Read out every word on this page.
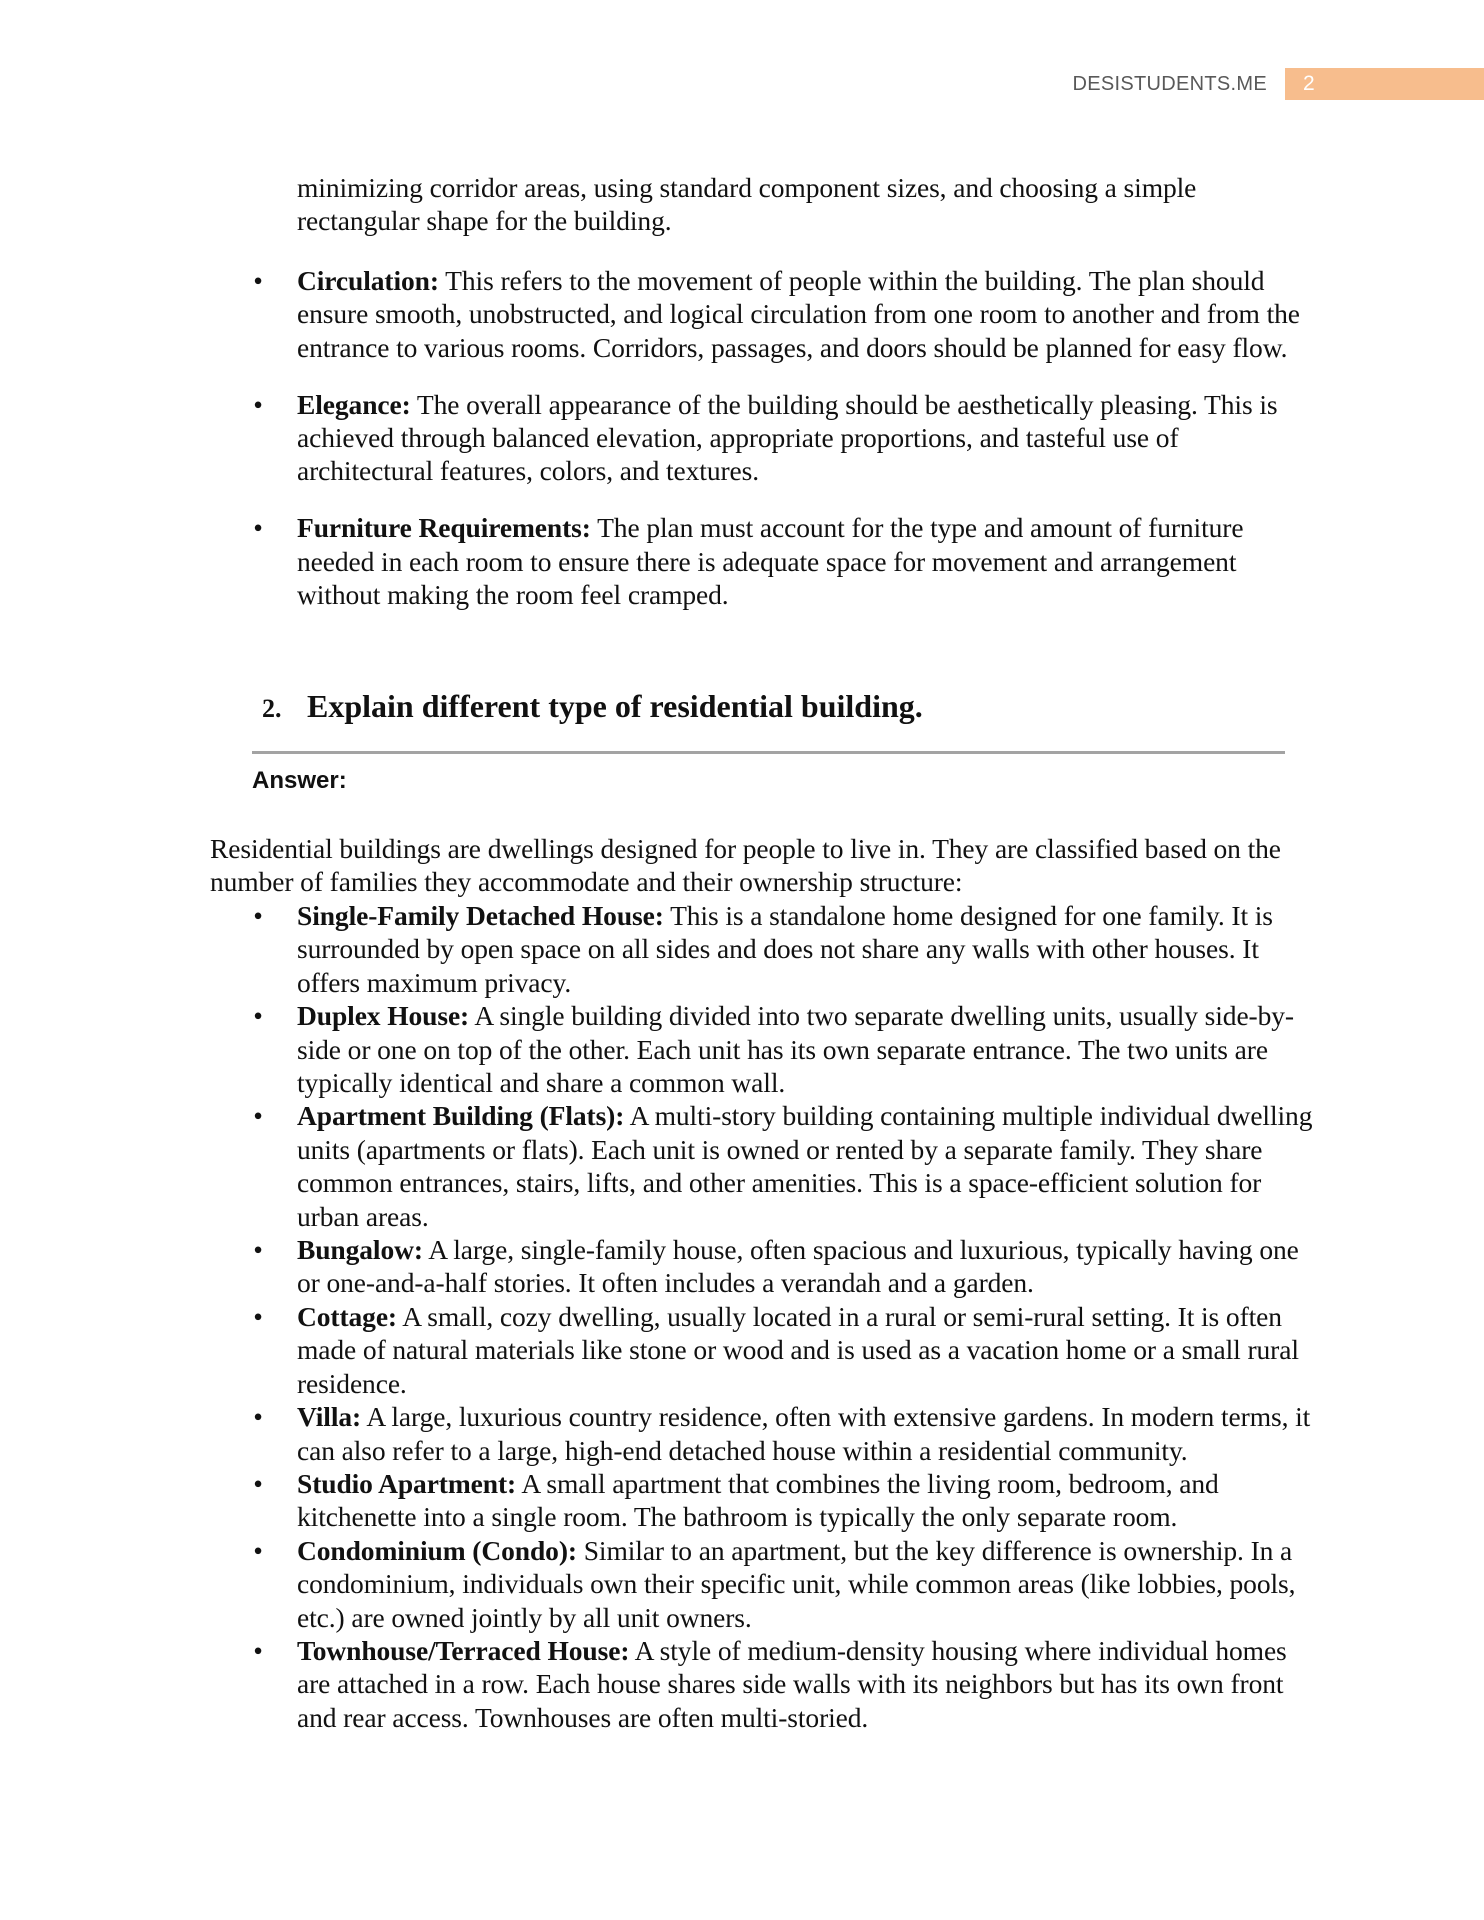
DESISTUDENTS.ME 2

minimizing corridor areas, using standard component sizes, and choosing a simple rectangular shape for the building.

• Circulation: This refers to the movement of people within the building. The plan should ensure smooth, unobstructed, and logical circulation from one room to another and from the entrance to various rooms. Corridors, passages, and doors should be planned for easy flow.
• Elegance: The overall appearance of the building should be aesthetically pleasing. This is achieved through balanced elevation, appropriate proportions, and tasteful use of architectural features, colors, and textures.
• Furniture Requirements: The plan must account for the type and amount of furniture needed in each room to ensure there is adequate space for movement and arrangement without making the room feel cramped.
2. Explain different type of residential building.
Answer:

Residential buildings are dwellings designed for people to live in. They are classified based on the number of families they accommodate and their ownership structure:

• Single-Family Detached House: This is a standalone home designed for one family. It is surrounded by open space on all sides and does not share any walls with other houses. It offers maximum privacy.
• Duplex House: A single building divided into two separate dwelling units, usually side-by-side or one on top of the other. Each unit has its own separate entrance. The two units are typically identical and share a common wall.
• Apartment Building (Flats): A multi-story building containing multiple individual dwelling units (apartments or flats). Each unit is owned or rented by a separate family. They share common entrances, stairs, lifts, and other amenities. This is a space-efficient solution for urban areas.
• Bungalow: A large, single-family house, often spacious and luxurious, typically having one or one-and-a-half stories. It often includes a verandah and a garden.
• Cottage: A small, cozy dwelling, usually located in a rural or semi-rural setting. It is often made of natural materials like stone or wood and is used as a vacation home or a small rural residence.
• Villa: A large, luxurious country residence, often with extensive gardens. In modern terms, it can also refer to a large, high-end detached house within a residential community.
• Studio Apartment: A small apartment that combines the living room, bedroom, and kitchenette into a single room. The bathroom is typically the only separate room.
• Condominium (Condo): Similar to an apartment, but the key difference is ownership. In a condominium, individuals own their specific unit, while common areas (like lobbies, pools, etc.) are owned jointly by all unit owners.
• Townhouse/Terraced House: A style of medium-density housing where individual homes are attached in a row. Each house shares side walls with its neighbors but has its own front and rear access. Townhouses are often multi-storied.
